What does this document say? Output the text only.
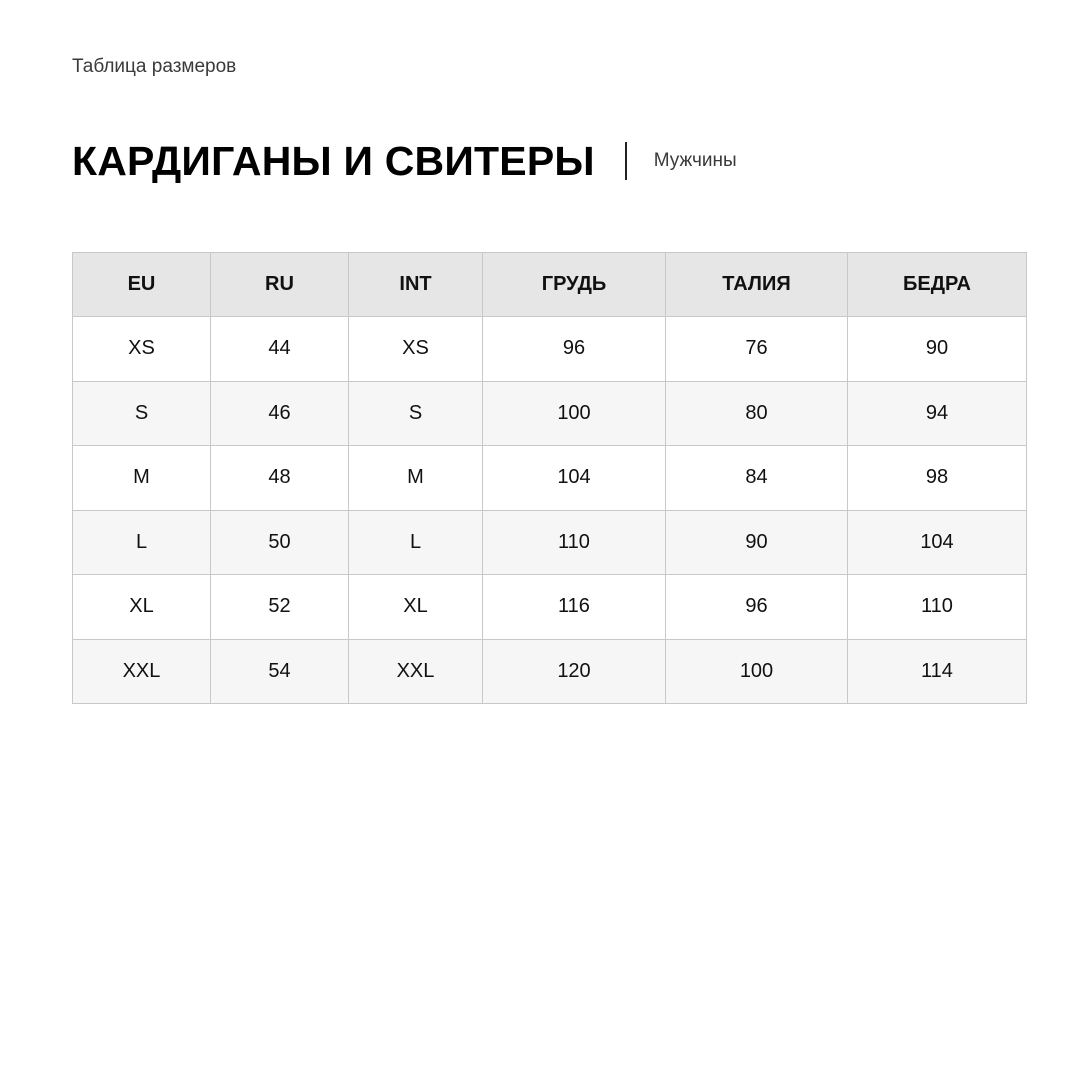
Таблица размеров
КАРДИГАНЫ И СВИТЕРЫ	Мужчины
EU	RU	INT	ГРУДЬ	ТАЛИЯ	БЕДРА
XS	44	XS	96	76	90
S	46	S	100	80	94
M	48	M	104	84	98
L	50	L	110	90	104
XL	52	XL	116	96	110
XXL	54	XXL	120	100	114
